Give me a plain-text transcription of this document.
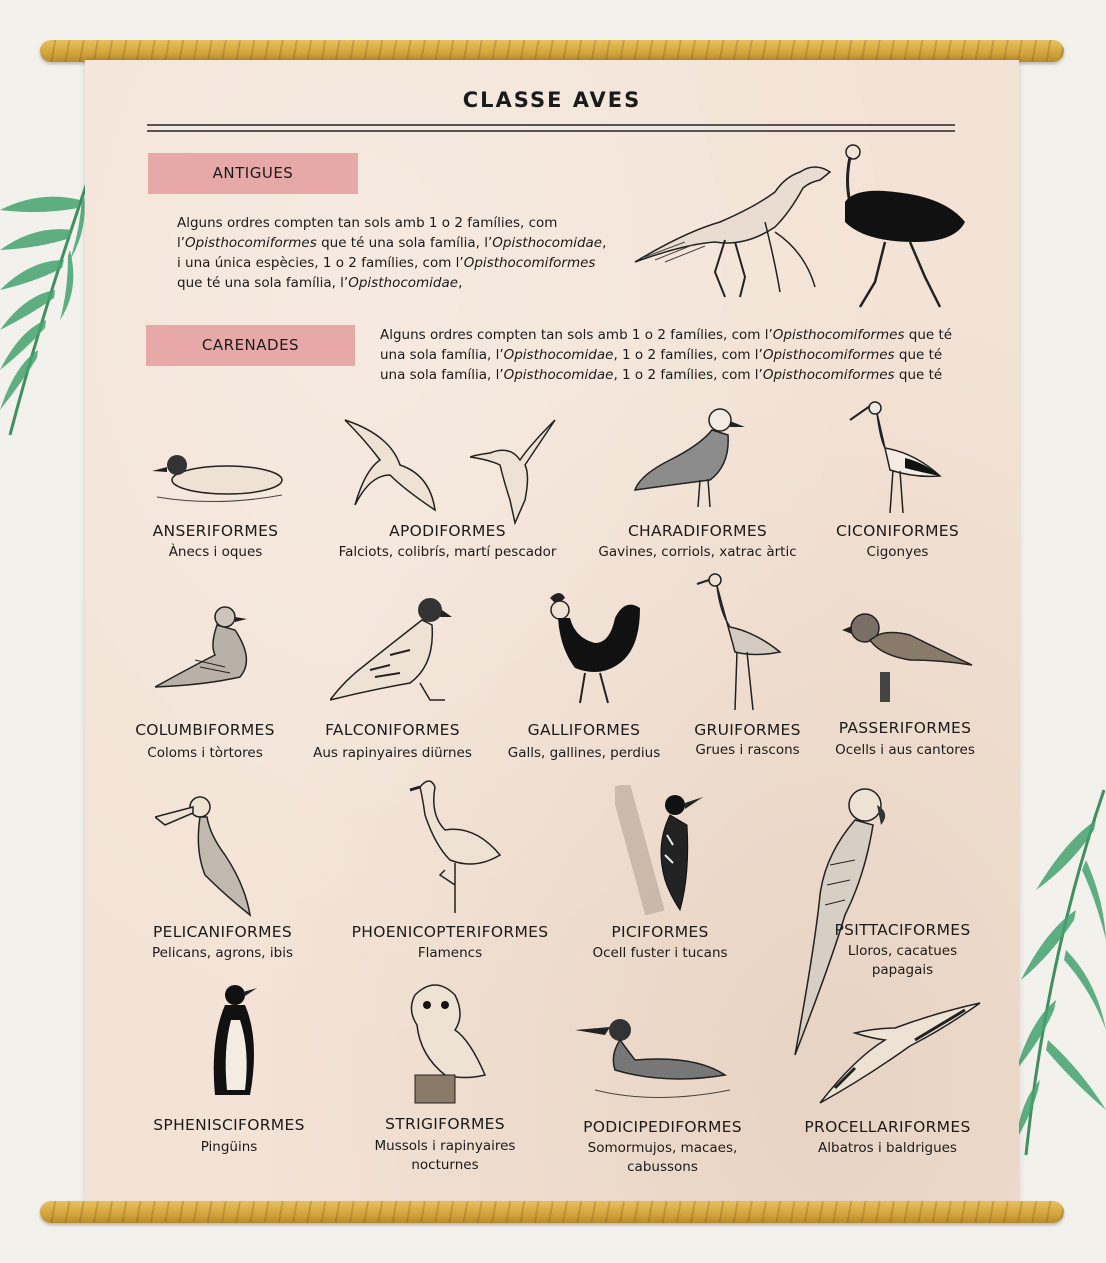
CLASSE AVES
ANTIGUES
Alguns ordres compten tan sols amb 1 o 2 famílies, com
l’Opisthocomiformes que té una sola família, l’Opisthocomidae,
i una única espècies, 1 o 2 famílies, com l’Opisthocomiformes
que té una sola família, l’Opisthocomidae,
CARENADES
Alguns ordres compten tan sols amb 1 o 2 famílies, com l’Opisthocomiformes que té
una sola família, l’Opisthocomidae, 1 o 2 famílies, com l’Opisthocomiformes que té
una sola família, l’Opisthocomidae, 1 o 2 famílies, com l’Opisthocomiformes que té
ANSERIFORMES
Ànecs i oques
APODIFORMES
Falciots, colibrís, martí pescador
CHARADIFORMES
Gavines, corriols, xatrac àrtic
CICONIFORMES
Cigonyes
COLUMBIFORMES
Coloms i tòrtores
FALCONIFORMES
Aus rapinyaires diürnes
GALLIFORMES
Galls, gallines, perdius
GRUIFORMES
Grues i rascons
PASSERIFORMES
Ocells i aus cantores
PELICANIFORMES
Pelicans, agrons, ibis
PHOENICOPTERIFORMES
Flamencs
PICIFORMES
Ocell fuster i tucans
PSITTACIFORMES
Lloros, cacatues
papagais
SPHENISCIFORMES
Pingüins
STRIGIFORMES
Mussols i rapinyaires
nocturnes
PODICIPEDIFORMES
Somormujos, macaes,
cabussons
PROCELLARIFORMES
Albatros i baldrigues
